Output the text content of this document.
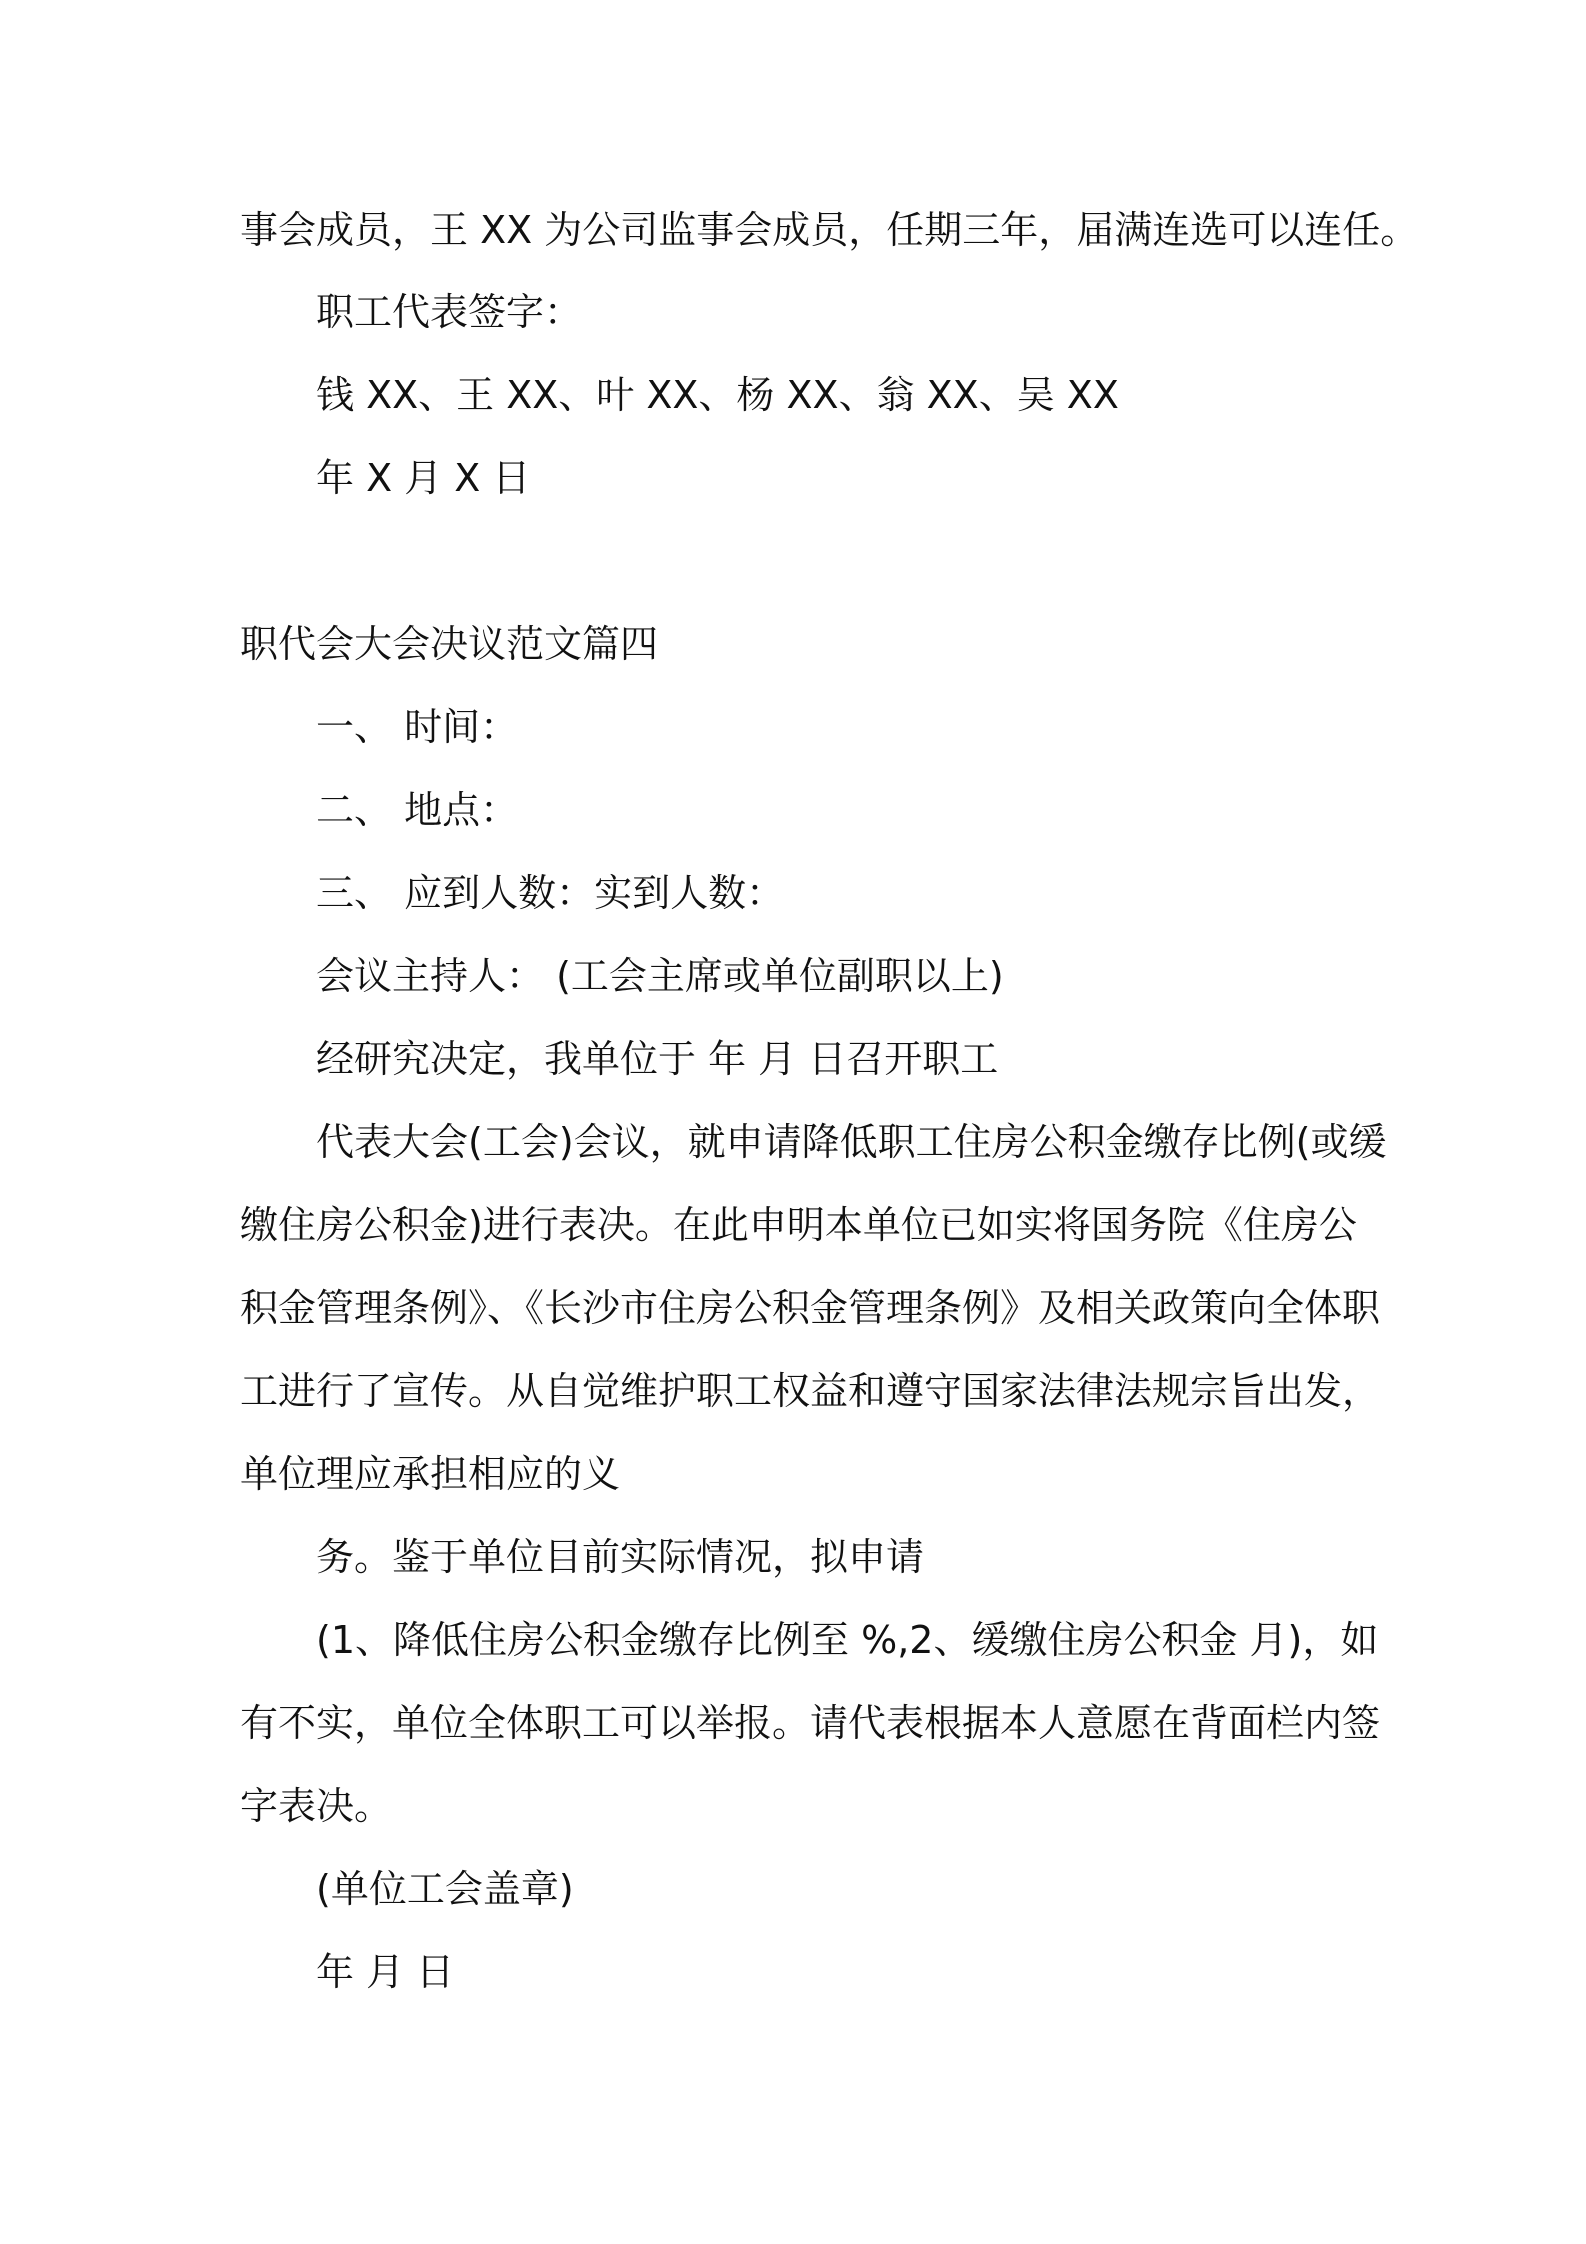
事会成员，王 XX 为公司监事会成员，任期三年，届满连选可以连任。
职工代表签字：
钱 XX、王 XX、叶 XX、杨 XX、翁 XX、吴 XX
年 X 月 X 日
职代会大会决议范文篇四
一、 时间：
二、 地点：
三、 应到人数：实到人数：
会议主持人： (工会主席或单位副职以上)
经研究决定，我单位于 年 月 日召开职工
代表大会(工会)会议，就申请降低职工住房公积金缴存比例(或缓
缴住房公积金)进行表决。在此申明本单位已如实将国务院《住房公
积金管理条例》、《长沙市住房公积金管理条例》及相关政策向全体职
工进行了宣传。从自觉维护职工权益和遵守国家法律法规宗旨出发，
单位理应承担相应的义
务。鉴于单位目前实际情况，拟申请
(1、降低住房公积金缴存比例至 %,2、缓缴住房公积金 月)，如
有不实，单位全体职工可以举报。请代表根据本人意愿在背面栏内签
字表决。
(单位工会盖章)
年 月 日
